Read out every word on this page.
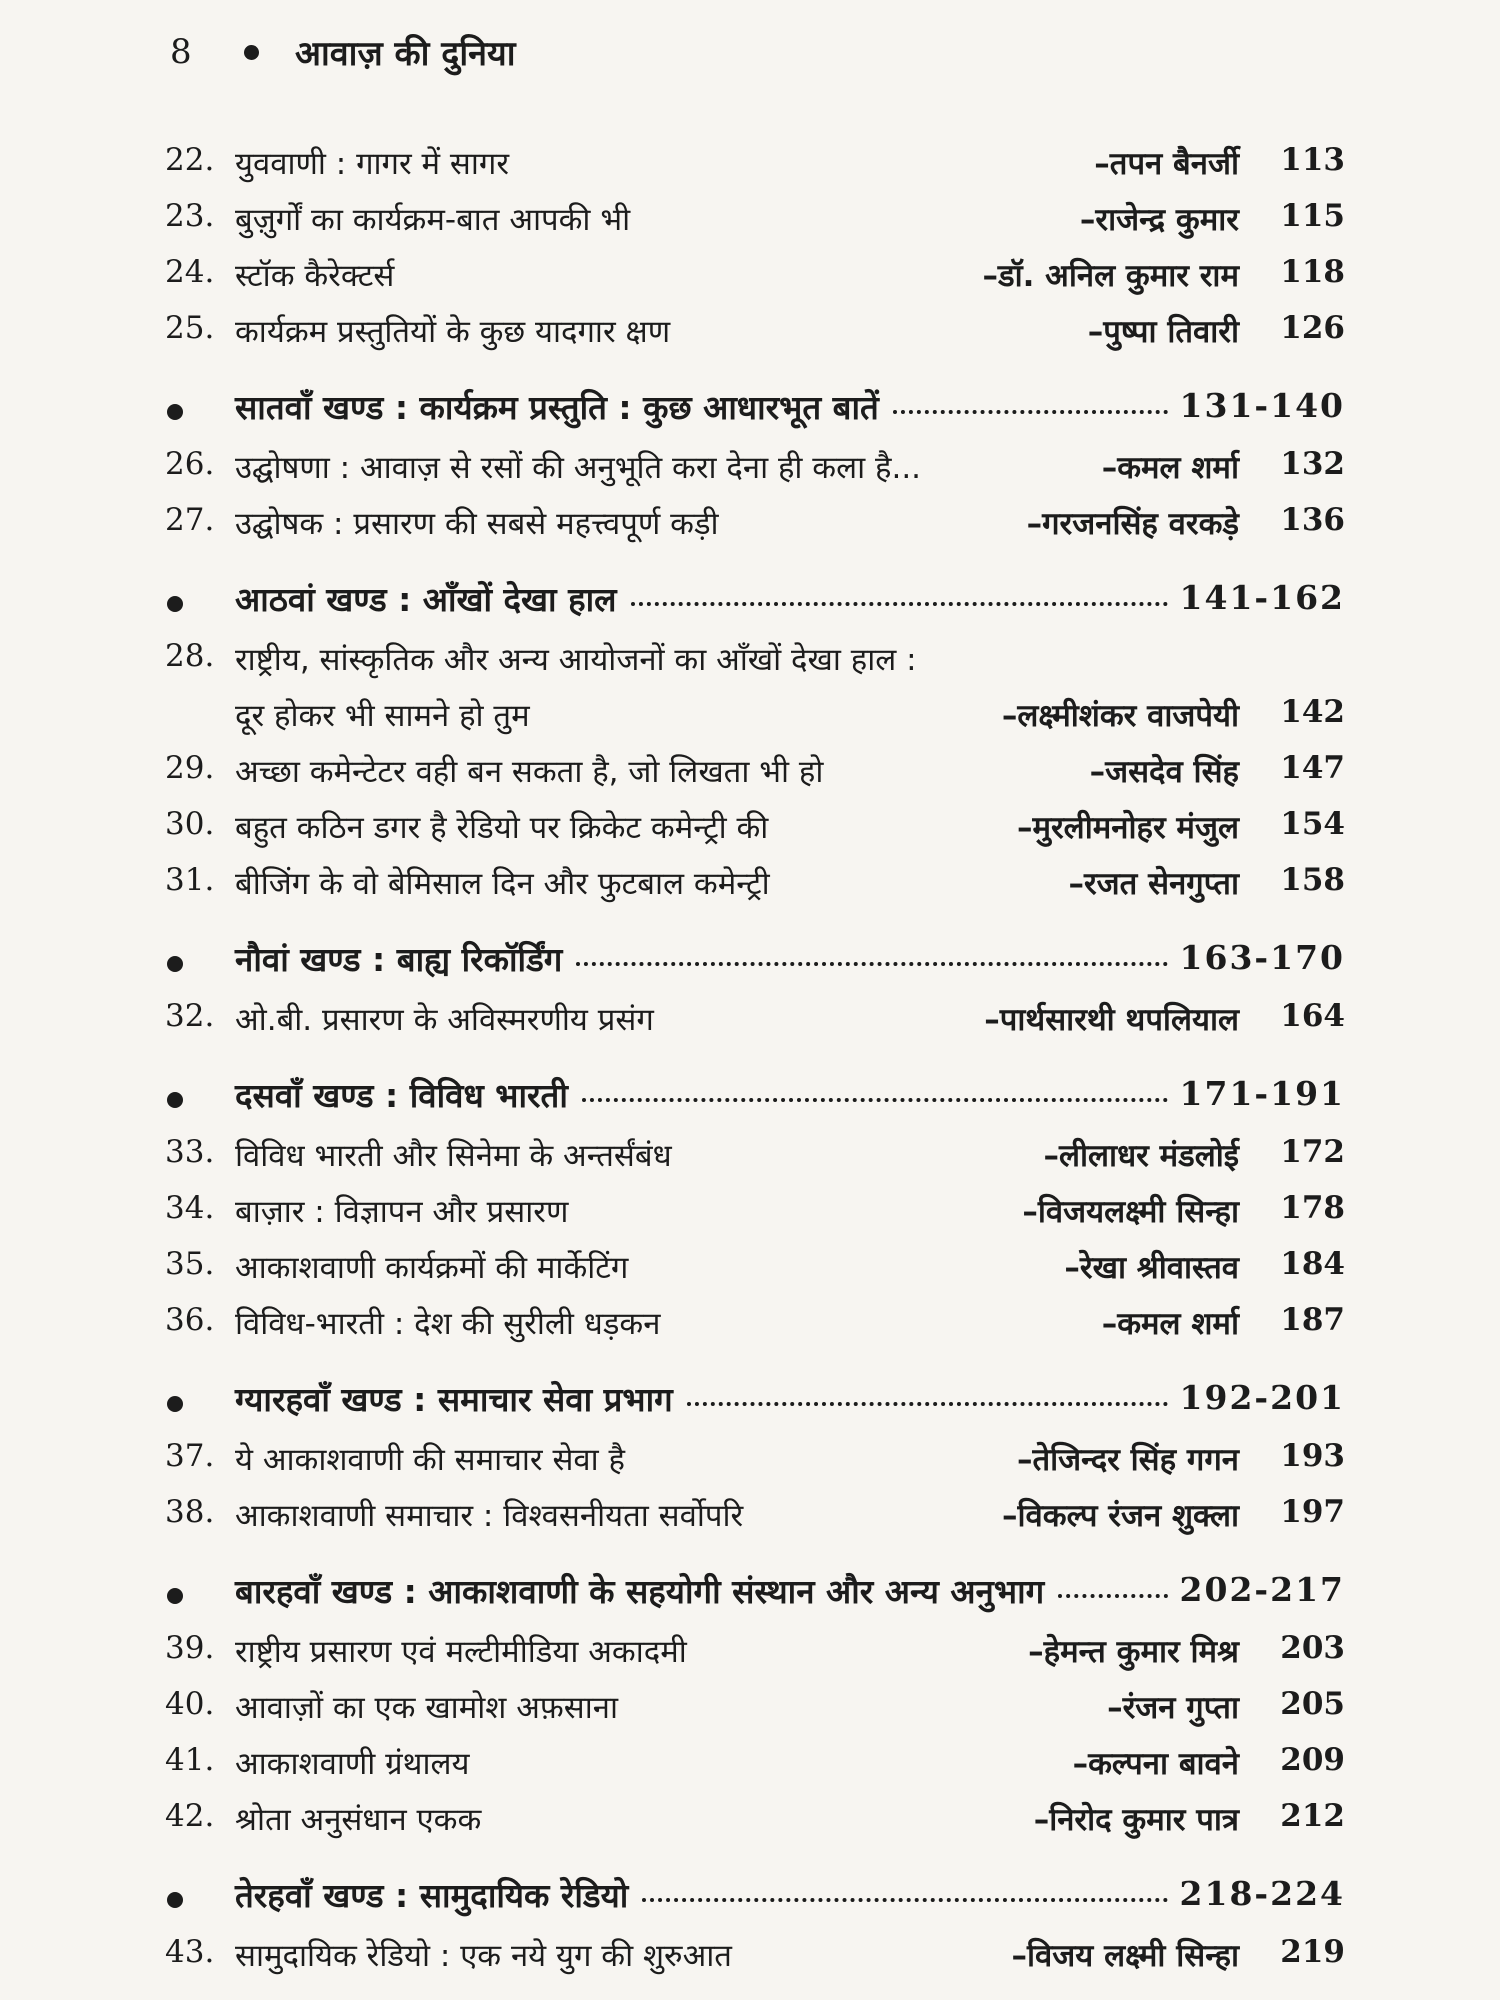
8	आवाज़ की दुनिया
22. युववाणी : गागर में सागर	–तपन बैनर्जी 113
23. बुज़ुर्गों का कार्यक्रम-बात आपकी भी	–राजेन्द्र कुमार 115
24. स्टॉक कैरेक्टर्स	–डॉ. अनिल कुमार राम 118
25. कार्यक्रम प्रस्तुतियों के कुछ यादगार क्षण	–पुष्पा तिवारी 126
सातवाँ खण्ड : कार्यक्रम प्रस्तुति : कुछ आधारभूत बातें	131-140
26. उद्घोषणा : आवाज़ से रसों की अनुभूति करा देना ही कला है...	–कमल शर्मा 132
27. उद्घोषक : प्रसारण की सबसे महत्त्वपूर्ण कड़ी	–गरजनसिंह वरकड़े 136
आठवां खण्ड : आँखों देखा हाल	141-162
28. राष्ट्रीय, सांस्कृतिक और अन्य आयोजनों का आँखों देखा हाल :
दूर होकर भी सामने हो तुम	–लक्ष्मीशंकर वाजपेयी 142
29. अच्छा कमेन्टेटर वही बन सकता है, जो लिखता भी हो	–जसदेव सिंह 147
30. बहुत कठिन डगर है रेडियो पर क्रिकेट कमेन्ट्री की	–मुरलीमनोहर मंजुल 154
31. बीजिंग के वो बेमिसाल दिन और फुटबाल कमेन्ट्री	–रजत सेनगुप्ता 158
नौवां खण्ड : बाह्य रिकॉर्डिंग	163-170
32. ओ.बी. प्रसारण के अविस्मरणीय प्रसंग	–पार्थसारथी थपलियाल 164
दसवाँ खण्ड : विविध भारती	171-191
33. विविध भारती और सिनेमा के अन्तर्संबंध	–लीलाधर मंडलोई 172
34. बाज़ार : विज्ञापन और प्रसारण	–विजयलक्ष्मी सिन्हा 178
35. आकाशवाणी कार्यक्रमों की मार्केटिंग	–रेखा श्रीवास्तव 184
36. विविध-भारती : देश की सुरीली धड़कन	–कमल शर्मा 187
ग्यारहवाँ खण्ड : समाचार सेवा प्रभाग	192-201
37. ये आकाशवाणी की समाचार सेवा है	–तेजिन्दर सिंह गगन 193
38. आकाशवाणी समाचार : विश्वसनीयता सर्वोपरि	–विकल्प रंजन शुक्ला 197
बारहवाँ खण्ड : आकाशवाणी के सहयोगी संस्थान और अन्य अनुभाग	202-217
39. राष्ट्रीय प्रसारण एवं मल्टीमीडिया अकादमी	–हेमन्त कुमार मिश्र 203
40. आवाज़ों का एक खामोश अफ़साना	–रंजन गुप्ता 205
41. आकाशवाणी ग्रंथालय	–कल्पना बावने 209
42. श्रोता अनुसंधान एकक	–निरोद कुमार पात्र 212
तेरहवाँ खण्ड : सामुदायिक रेडियो	218-224
43. सामुदायिक रेडियो : एक नये युग की शुरुआत	–विजय लक्ष्मी सिन्हा 219
